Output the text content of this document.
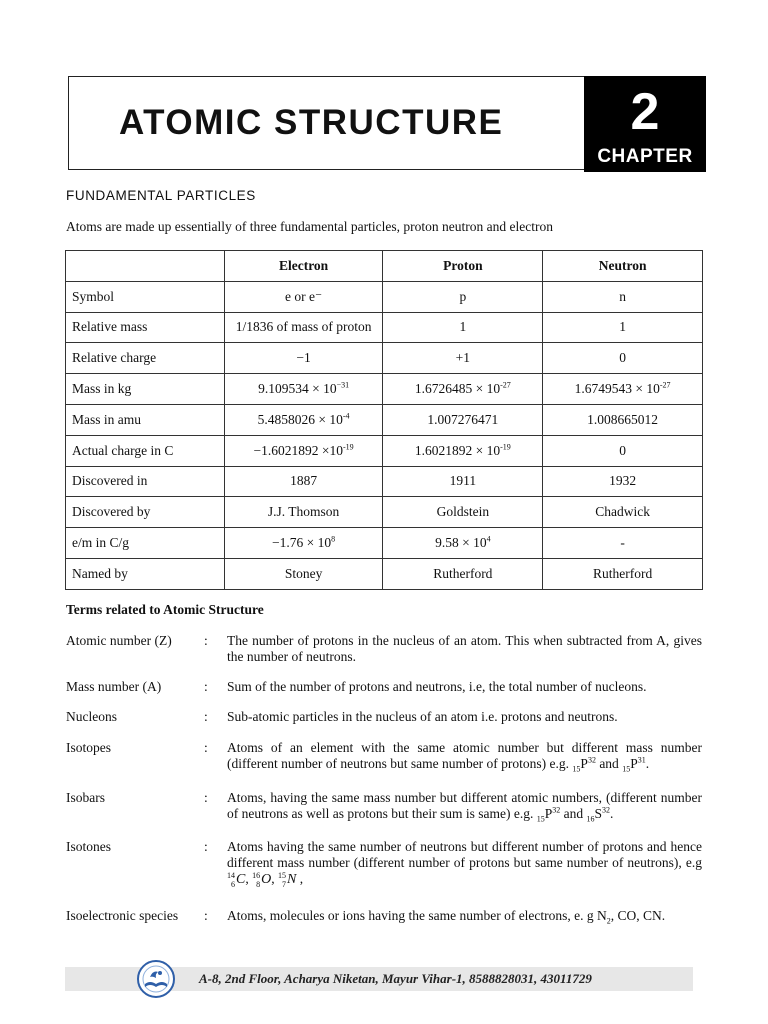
ATOMIC STRUCTURE	2
CHAPTER
FUNDAMENTAL PARTICLES
Atoms are made up essentially of three fundamental particles, proton neutron and electron
	Electron	Proton	Neutron
Symbol	e or e⁻	p	n
Relative mass	1/1836 of mass of proton	1	1
Relative charge	−1	+1	0
Mass in kg	$9.109534 \times 10^{-31}$	$1.6726485 \times 10^{-27}$	$1.6749543 \times 10^{-27}$
Mass in amu	$5.4858026 \times 10^{-4}$	1.007276471	1.008665012
Actual charge in C	$-1.6021892 \times 10^{-19}$	$1.6021892 \times 10^{-19}$	0
Discovered in	1887	1911	1932
Discovered by	J.J. Thomson	Goldstein	Chadwick
e/m in C/g	$-1.76 \times 10^8$	$9.58 \times 10^4$	-
Named by	Stoney	Rutherford	Rutherford
Terms related to Atomic Structure
Atomic number (Z)	: The number of protons in the nucleus of an atom. This when subtracted from A, gives the number of neutrons.
Mass number (A)	: Sum of the number of protons and neutrons, i.e, the total number of nucleons.
Nucleons	: Sub-atomic particles in the nucleus of an atom i.e. protons and neutrons.
Isotopes	: Atoms of an element with the same atomic number but different mass number (different number of neutrons but same number of protons) e.g. $_{15}P^{32}$ and $_{15}P^{31}$.
Isobars	: Atoms, having the same mass number but different atomic numbers, (different number of neutrons as well as protons but their sum is same) e.g. $_{15}P^{32}$ and $_{16}S^{32}$.
Isotones	: Atoms having the same number of neutrons but different number of protons and hence different mass number (different number of protons but same number of neutrons), e.g 14
6C, 16
8O, 15
7N ,
Isoelectronic species	: Atoms, molecules or ions having the same number of electrons, e. g $N_2$, CO, CN.
A-8, 2nd Floor, Acharya Niketan, Mayur Vihar-1, 8588828031, 43011729
